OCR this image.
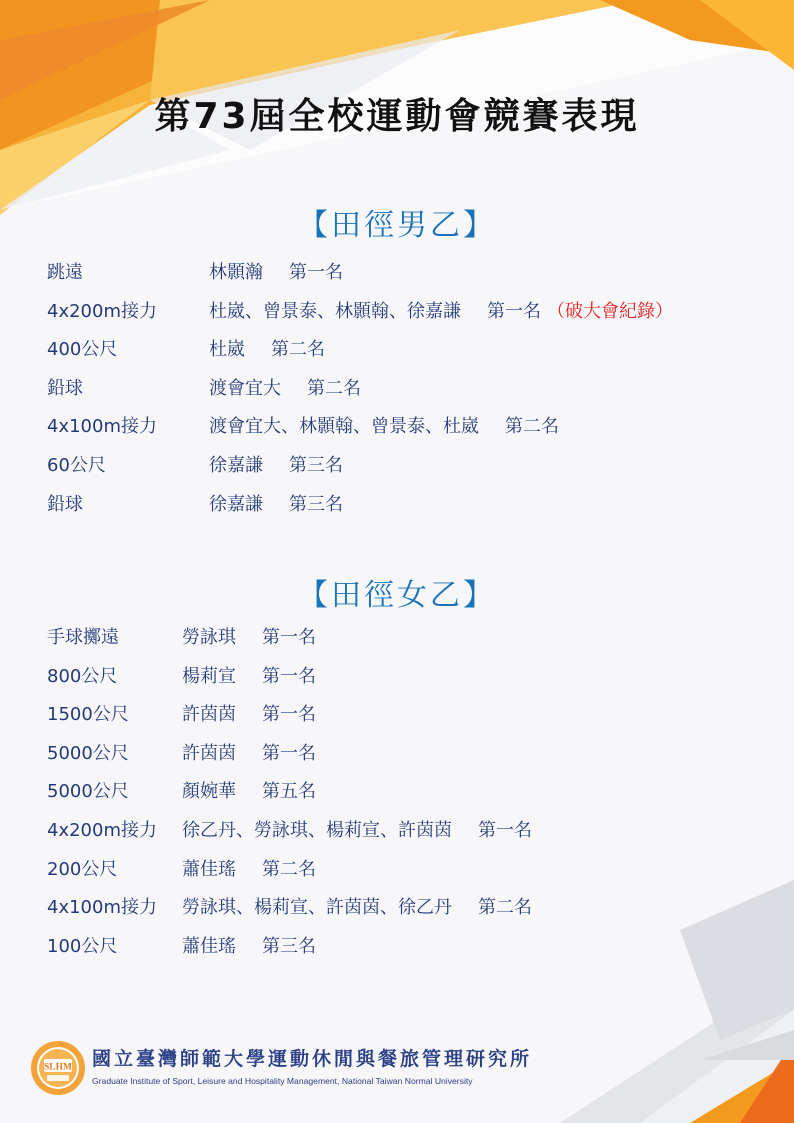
第73屆全校運動會競賽表現
【田徑男乙】
跳遠	林顥瀚 第一名
4x200m接力	杜崴、曾景泰、林顥翰、徐嘉謙 第一名 （破大會紀錄）
400公尺	杜崴 第二名
鉛球	渡會宜大 第二名
4x100m接力	渡會宜大、林顥翰、曾景泰、杜崴 第二名
60公尺	徐嘉謙 第三名
鉛球	徐嘉謙 第三名
【田徑女乙】
手球擲遠	勞詠琪 第一名
800公尺	楊莉宣 第一名
1500公尺	許茵茵 第一名
5000公尺	許茵茵 第一名
5000公尺	顏婉華 第五名
4x200m接力 徐乙丹、勞詠琪、楊莉宣、許茵茵 第一名
200公尺	蕭佳瑤 第二名
4x100m接力 勞詠琪、楊莉宣、許茵茵、徐乙丹 第二名
100公尺	蕭佳瑤 第三名
SLHM 國立臺灣師範大學運動休閒與餐旅管理研究所
Graduate Institute of Sport, Leisure and Hospitality Management, National Taiwan Normal University
